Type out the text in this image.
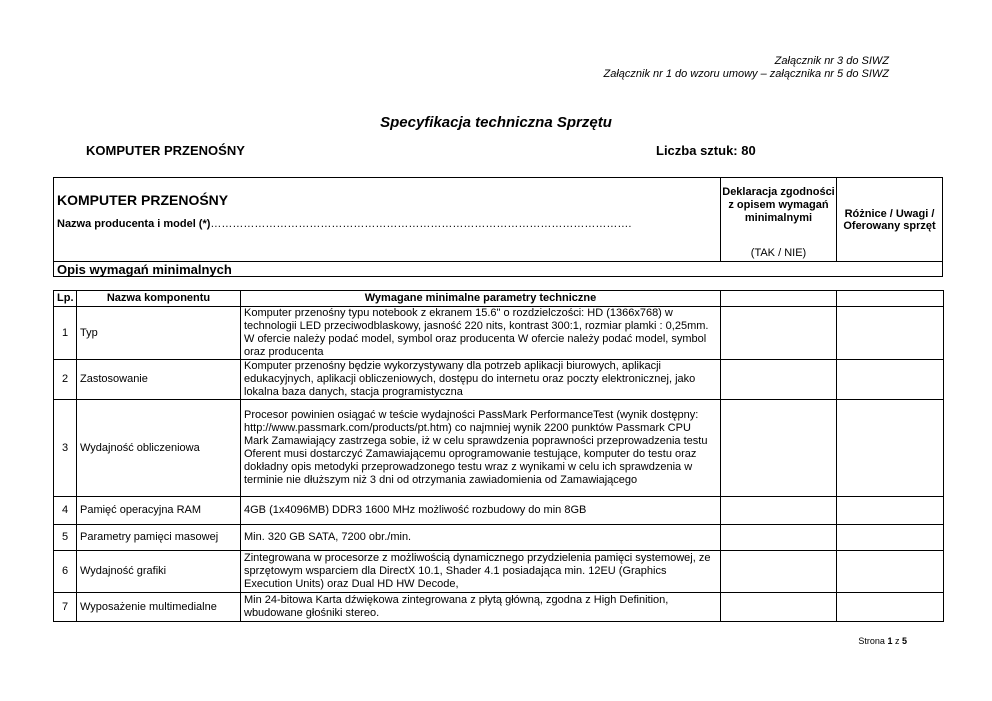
Załącznik nr 3 do SIWZ
Załącznik nr 1 do wzoru umowy – załącznika nr 5 do SIWZ
Specyfikacja techniczna Sprzętu
KOMPUTER PRZENOŚNY	Liczba sztuk: 80
KOMPUTER PRZENOŚNY
Nazwa producenta i model (*)…………………………………………………………………………………………………….
Deklaracja zgodności z opisem wymagań minimalnymi
(TAK / NIE)
Różnice / Uwagi / Oferowany sprzęt
Opis wymagań minimalnych
Lp.	Nazwa komponentu	Wymagane minimalne parametry techniczne		
1	Typ	Komputer przenośny typu notebook z ekranem 15.6" o rozdzielczości: HD (1366x768) w technologii LED przeciwodblaskowy, jasność 220 nits, kontrast 300:1, rozmiar plamki : 0,25mm. W ofercie należy podać model, symbol oraz producenta W ofercie należy podać model, symbol oraz producenta		
2	Zastosowanie	Komputer przenośny będzie wykorzystywany dla potrzeb aplikacji biurowych, aplikacji edukacyjnych, aplikacji obliczeniowych, dostępu do internetu oraz poczty elektronicznej, jako lokalna baza danych, stacja programistyczna		
3	Wydajność obliczeniowa	Procesor powinien osiągać w teście wydajności PassMark PerformanceTest (wynik dostępny: http://www.passmark.com/products/pt.htm) co najmniej wynik 2200 punktów Passmark CPU Mark Zamawiający zastrzega sobie, iż w celu sprawdzenia poprawności przeprowadzenia testu Oferent musi dostarczyć Zamawiającemu oprogramowanie testujące, komputer do testu oraz dokładny opis metodyki przeprowadzonego testu wraz z wynikami w celu ich sprawdzenia w terminie nie dłuższym niż 3 dni od otrzymania zawiadomienia od Zamawiającego		
4	Pamięć operacyjna RAM	4GB (1x4096MB) DDR3 1600 MHz możliwość rozbudowy do min 8GB		
5	Parametry pamięci masowej	Min. 320 GB SATA, 7200 obr./min.		
6	Wydajność grafiki	Zintegrowana w procesorze z możliwością dynamicznego przydzielenia pamięci systemowej, ze sprzętowym wsparciem dla DirectX 10.1, Shader 4.1 posiadająca min. 12EU (Graphics Execution Units) oraz Dual HD HW Decode,		
7	Wyposażenie multimedialne	Min 24-bitowa Karta dźwiękowa zintegrowana z płytą główną, zgodna z High Definition, wbudowane głośniki stereo.		
Strona 1 z 5
